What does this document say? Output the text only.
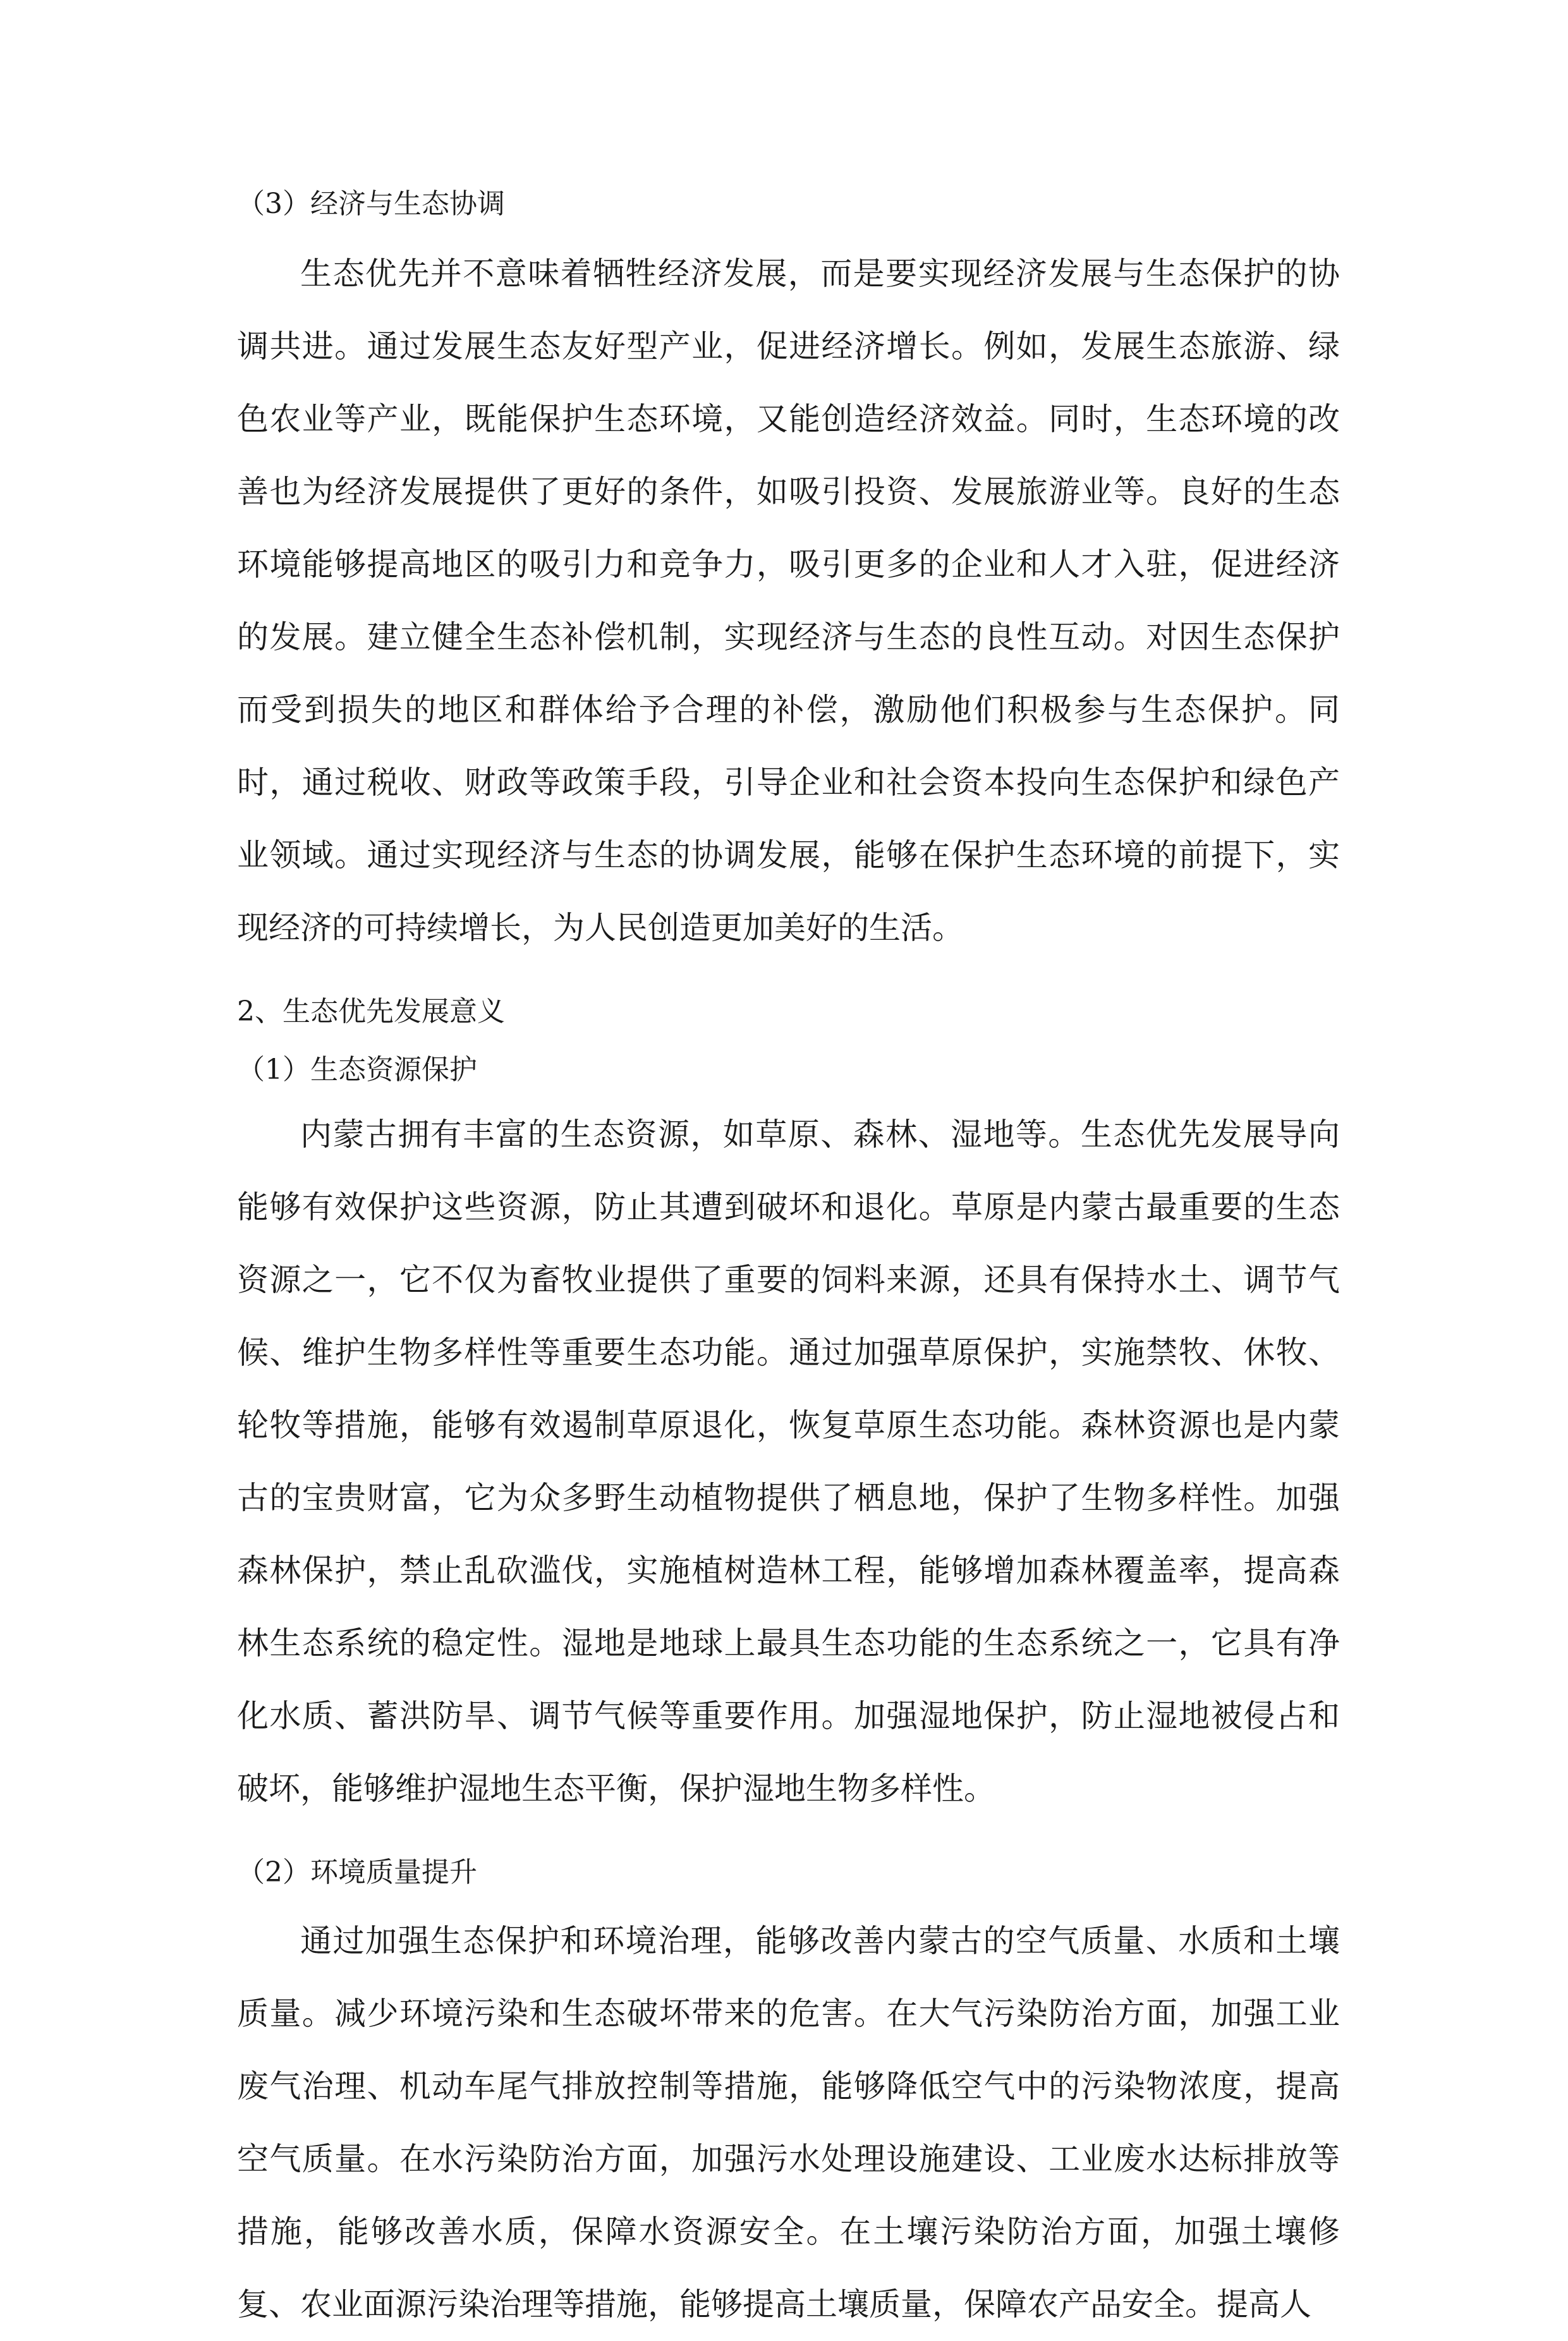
（3）经济与生态协调

生态优先并不意味着牺牲经济发展，而是要实现经济发展与生态保护的协调共进。通过发展生态友好型产业，促进经济增长。例如，发展生态旅游、绿色农业等产业，既能保护生态环境，又能创造经济效益。同时，生态环境的改善也为经济发展提供了更好的条件，如吸引投资、发展旅游业等。良好的生态环境能够提高地区的吸引力和竞争力，吸引更多的企业和人才入驻，促进经济的发展。建立健全生态补偿机制，实现经济与生态的良性互动。对因生态保护而受到损失的地区和群体给予合理的补偿，激励他们积极参与生态保护。同时，通过税收、财政等政策手段，引导企业和社会资本投向生态保护和绿色产业领域。通过实现经济与生态的协调发展，能够在保护生态环境的前提下，实现经济的可持续增长，为人民创造更加美好的生活。

2、生态优先发展意义
（1）生态资源保护

内蒙古拥有丰富的生态资源，如草原、森林、湿地等。生态优先发展导向能够有效保护这些资源，防止其遭到破坏和退化。草原是内蒙古最重要的生态资源之一，它不仅为畜牧业提供了重要的饲料来源，还具有保持水土、调节气候、维护生物多样性等重要生态功能。通过加强草原保护，实施禁牧、休牧、轮牧等措施，能够有效遏制草原退化，恢复草原生态功能。森林资源也是内蒙古的宝贵财富，它为众多野生动植物提供了栖息地，保护了生物多样性。加强森林保护，禁止乱砍滥伐，实施植树造林工程，能够增加森林覆盖率，提高森林生态系统的稳定性。湿地是地球上最具生态功能的生态系统之一，它具有净化水质、蓄洪防旱、调节气候等重要作用。加强湿地保护，防止湿地被侵占和破坏，能够维护湿地生态平衡，保护湿地生物多样性。

（2）环境质量提升

通过加强生态保护和环境治理，能够改善内蒙古的空气质量、水质和土壤质量。减少环境污染和生态破坏带来的危害。在大气污染防治方面，加强工业废气治理、机动车尾气排放控制等措施，能够降低空气中的污染物浓度，提高空气质量。在水污染防治方面，加强污水处理设施建设、工业废水达标排放等措施，能够改善水质，保障水资源安全。在土壤污染防治方面，加强土壤修复、农业面源污染治理等措施，能够提高土壤质量，保障农产品安全。提高人
